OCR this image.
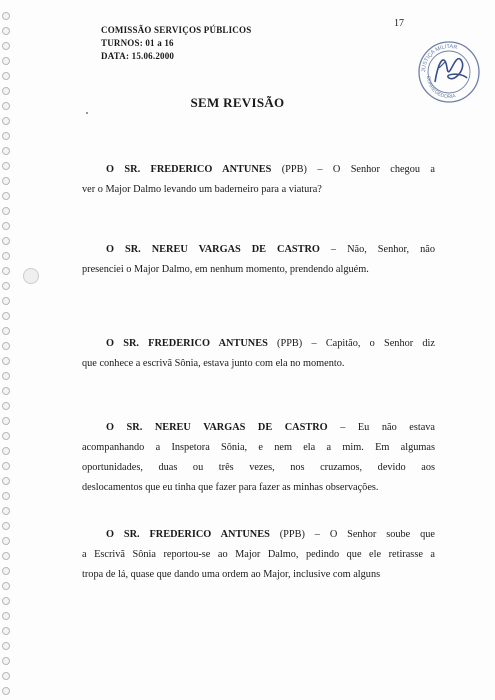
COMISSÃO SERVIÇOS PÚBLICOS
TURNOS: 01 a 16
DATA: 15.06.2000
17
JUSTIÇA MILITAR
CORREGEDORIA
SEM REVISÃO
O SR. FREDERICO ANTUNES (PPB) – O Senhor chegou a
ver o Major Dalmo levando um baderneiro para a viatura?
O SR. NEREU VARGAS DE CASTRO – Não, Senhor, não
presenciei o Major Dalmo, em nenhum momento, prendendo alguém.
O SR. FREDERICO ANTUNES (PPB) – Capitão, o Senhor diz
que conhece a escrivã Sônia, estava junto com ela no momento.
O SR. NEREU VARGAS DE CASTRO – Eu não estava
acompanhando a Inspetora Sônia, e nem ela a mim. Em algumas
oportunidades, duas ou três vezes, nos cruzamos, devido aos
deslocamentos que eu tinha que fazer para fazer as minhas observações.
O SR. FREDERICO ANTUNES (PPB) – O Senhor soube que
a Escrivã Sônia reportou-se ao Major Dalmo, pedindo que ele retirasse a
tropa de lá, quase que dando uma ordem ao Major, inclusive com alguns
